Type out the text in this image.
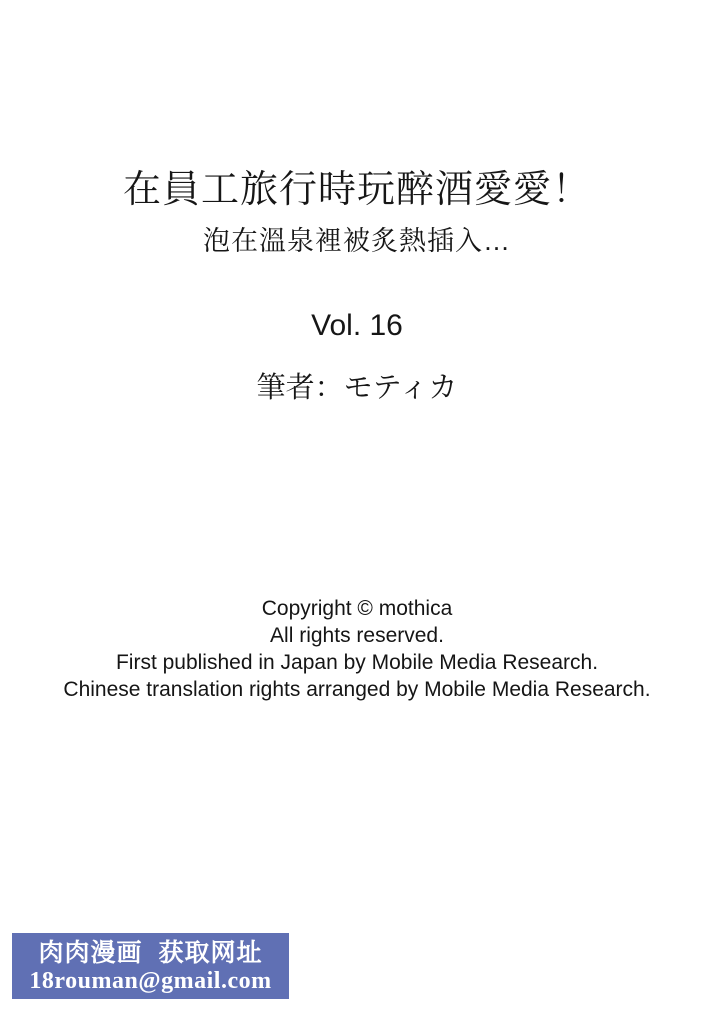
在員工旅行時玩醉酒愛愛！
泡在溫泉裡被炙熱插入…
Vol. 16
筆者：モティカ
Copyright © mothica
All rights reserved.
First published in Japan by Mobile Media Research.
Chinese translation rights arranged by Mobile Media Research.
肉肉漫画  获取网址
18rouman@gmail.com
